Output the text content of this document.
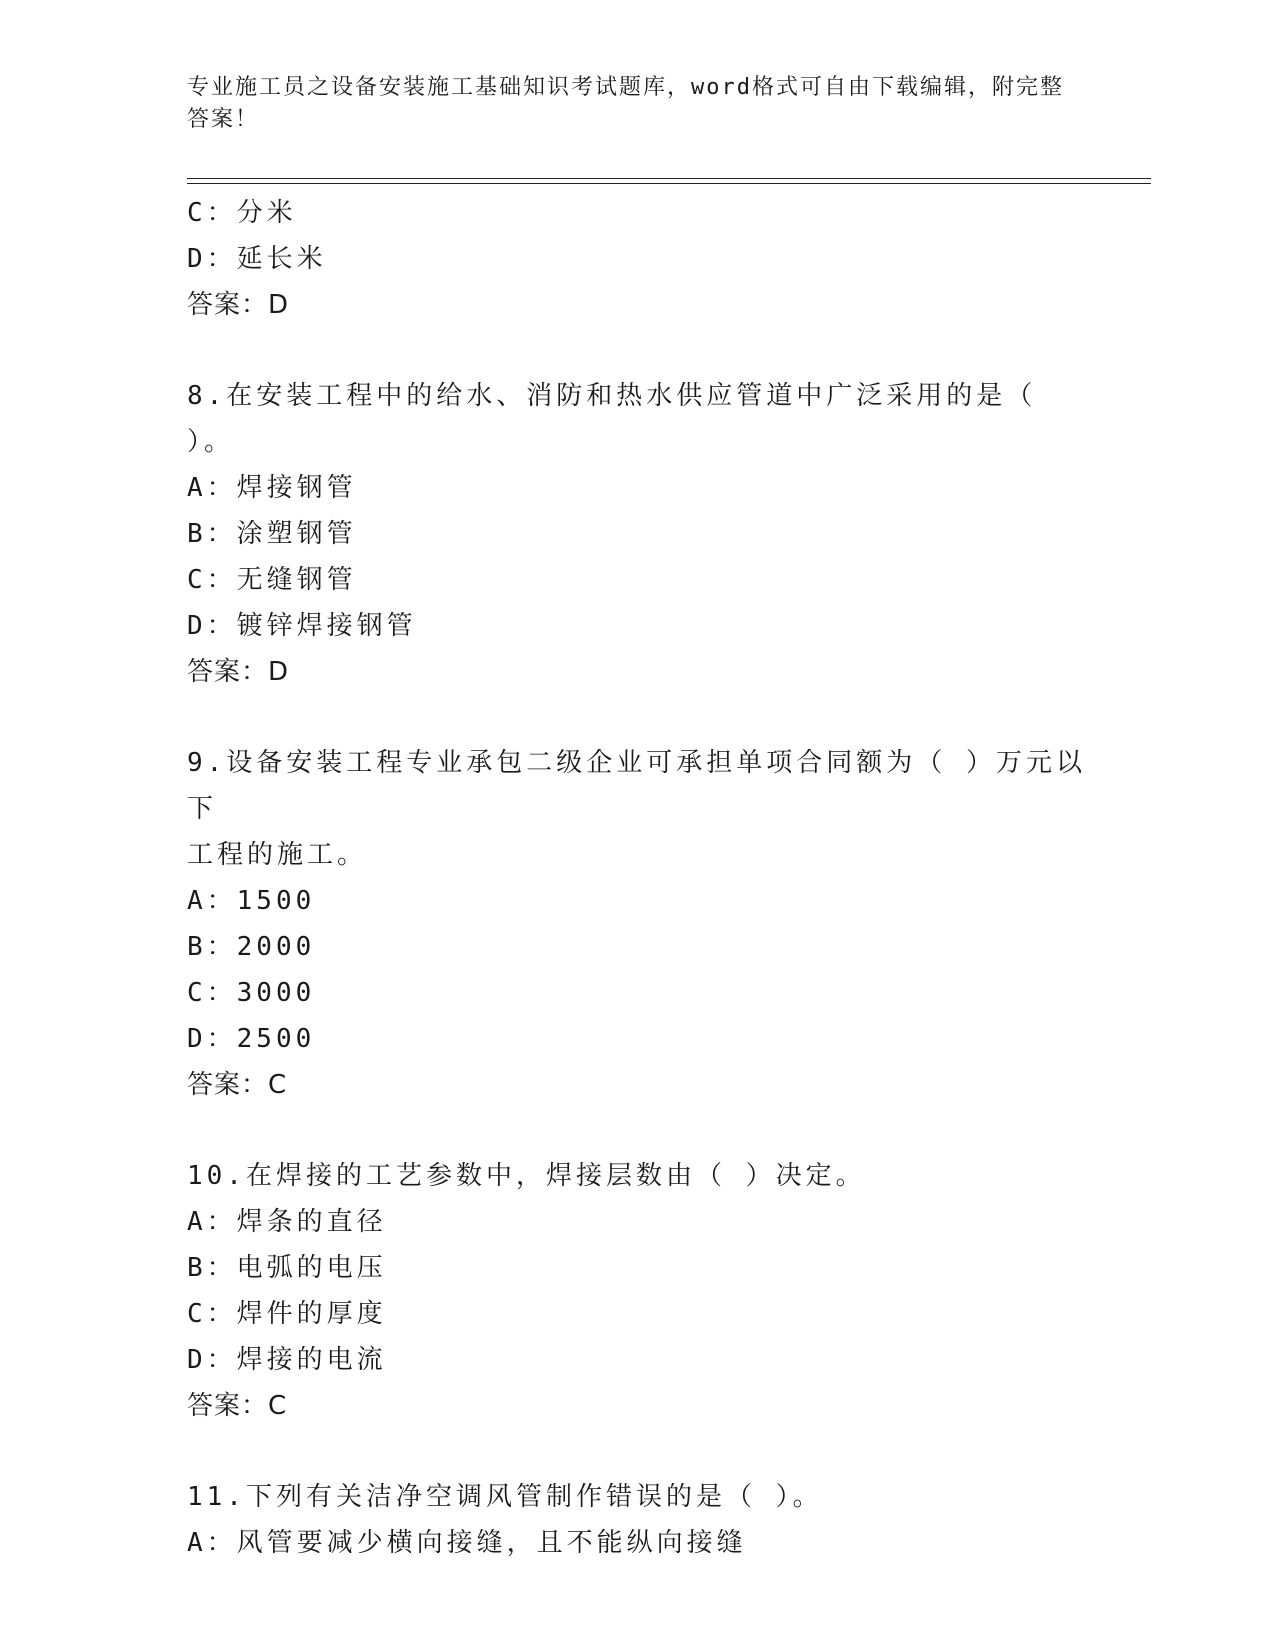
专业施工员之设备安装施工基础知识考试题库，word格式可自由下载编辑，附完整答案！
C：分米
D：延长米
答案：D
8.在安装工程中的给水、消防和热水供应管道中广泛采用的是（ ）。
A：焊接钢管
B：涂塑钢管
C：无缝钢管
D：镀锌焊接钢管
答案：D
9.设备安装工程专业承包二级企业可承担单项合同额为（ ）万元以下
工程的施工。
A：1500
B：2000
C：3000
D：2500
答案：C
10.在焊接的工艺参数中，焊接层数由（ ）决定。
A：焊条的直径
B：电弧的电压
C：焊件的厚度
D：焊接的电流
答案：C
11.下列有关洁净空调风管制作错误的是（ ）。
A：风管要减少横向接缝，且不能纵向接缝
